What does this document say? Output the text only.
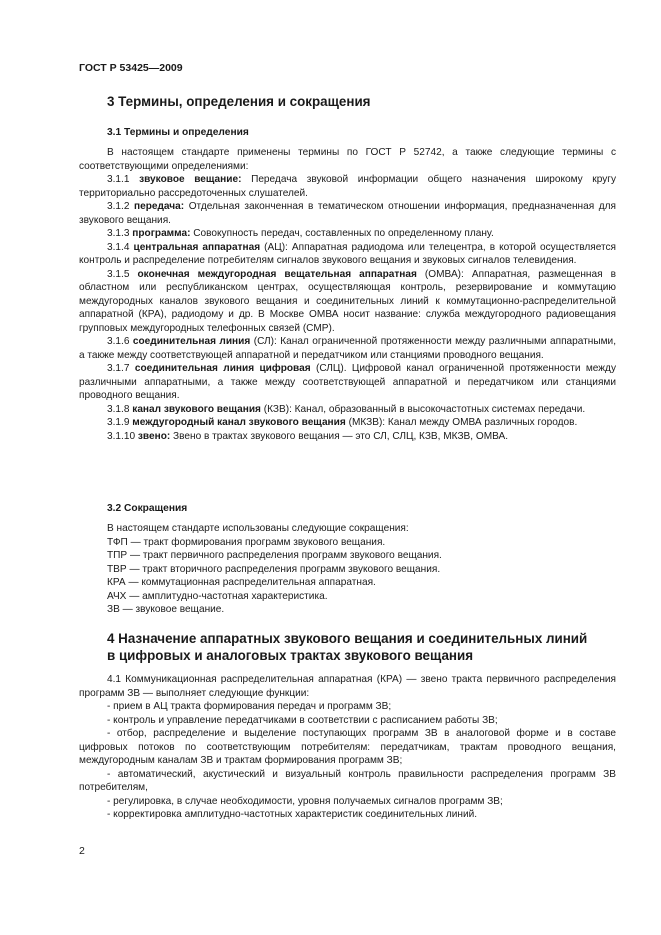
ГОСТ Р 53425—2009
3 Термины, определения и сокращения
3.1 Термины и определения

В настоящем стандарте применены термины по ГОСТ Р 52742, а также следующие термины с соответствующими определениями:

3.1.1 звуковое вещание: Передача звуковой информации общего назначения широкому кругу территориально рассредоточенных слушателей.

3.1.2 передача: Отдельная законченная в тематическом отношении информация, предназначенная для звукового вещания.

3.1.3 программа: Совокупность передач, составленных по определенному плану.

3.1.4 центральная аппаратная (АЦ): Аппаратная радиодома или телецентра, в которой осуществляется контроль и распределение потребителям сигналов звукового вещания и звуковых сигналов телевидения.

3.1.5 оконечная междугородная вещательная аппаратная (ОМВА): Аппаратная, размещенная в областном или республиканском центрах, осуществляющая контроль, резервирование и коммутацию междугородных каналов звукового вещания и соединительных линий к коммутационно-распределительной аппаратной (КРА), радиодому и др. В Москве ОМВА носит название: служба междугородного радиовещания групповых междугородных телефонных связей (СМР).

3.1.6 соединительная линия (СЛ): Канал ограниченной протяженности между различными аппаратными, а также между соответствующей аппаратной и передатчиком или станциями проводного вещания.

3.1.7 соединительная линия цифровая (СЛЦ). Цифровой канал ограниченной протяженности между различными аппаратными, а также между соответствующей аппаратной и передатчиком или станциями проводного вещания.

3.1.8 канал звукового вещания (КЗВ): Канал, образованный в высокочастотных системах передачи.

3.1.9 междугородный канал звукового вещания (МКЗВ): Канал между ОМВА различных городов.

3.1.10 звено: Звено в трактах звукового вещания — это СЛ, СЛЦ, КЗВ, МКЗВ, ОМВА.

3.2 Сокращения

В настоящем стандарте использованы следующие сокращения:

ТФП — тракт формирования программ звукового вещания.
ТПР — тракт первичного распределения программ звукового вещания.
ТВР — тракт вторичного распределения программ звукового вещания.
КРА — коммутационная распределительная аппаратная.
АЧХ — амплитудно-частотная характеристика.
ЗВ — звуковое вещание.
4 Назначение аппаратных звукового вещания и соединительных линий
в цифровых и аналоговых трактах звукового вещания

4.1 Коммуникационная распределительная аппаратная (КРА) — звено тракта первичного распределения программ ЗВ — выполняет следующие функции:

- прием в АЦ тракта формирования передач и программ ЗВ;

- контроль и управление передатчиками в соответствии с расписанием работы ЗВ;

- отбор, распределение и выделение поступающих программ ЗВ в аналоговой форме и в составе цифровых потоков по соответствующим потребителям: передатчикам, трактам проводного вещания, междугородным каналам ЗВ и трактам формирования программ ЗВ;

- автоматический, акустический и визуальный контроль правильности распределения программ ЗВ потребителям,

- регулировка, в случае необходимости, уровня получаемых сигналов программ ЗВ;

- корректировка амплитудно-частотных характеристик соединительных линий.

2
